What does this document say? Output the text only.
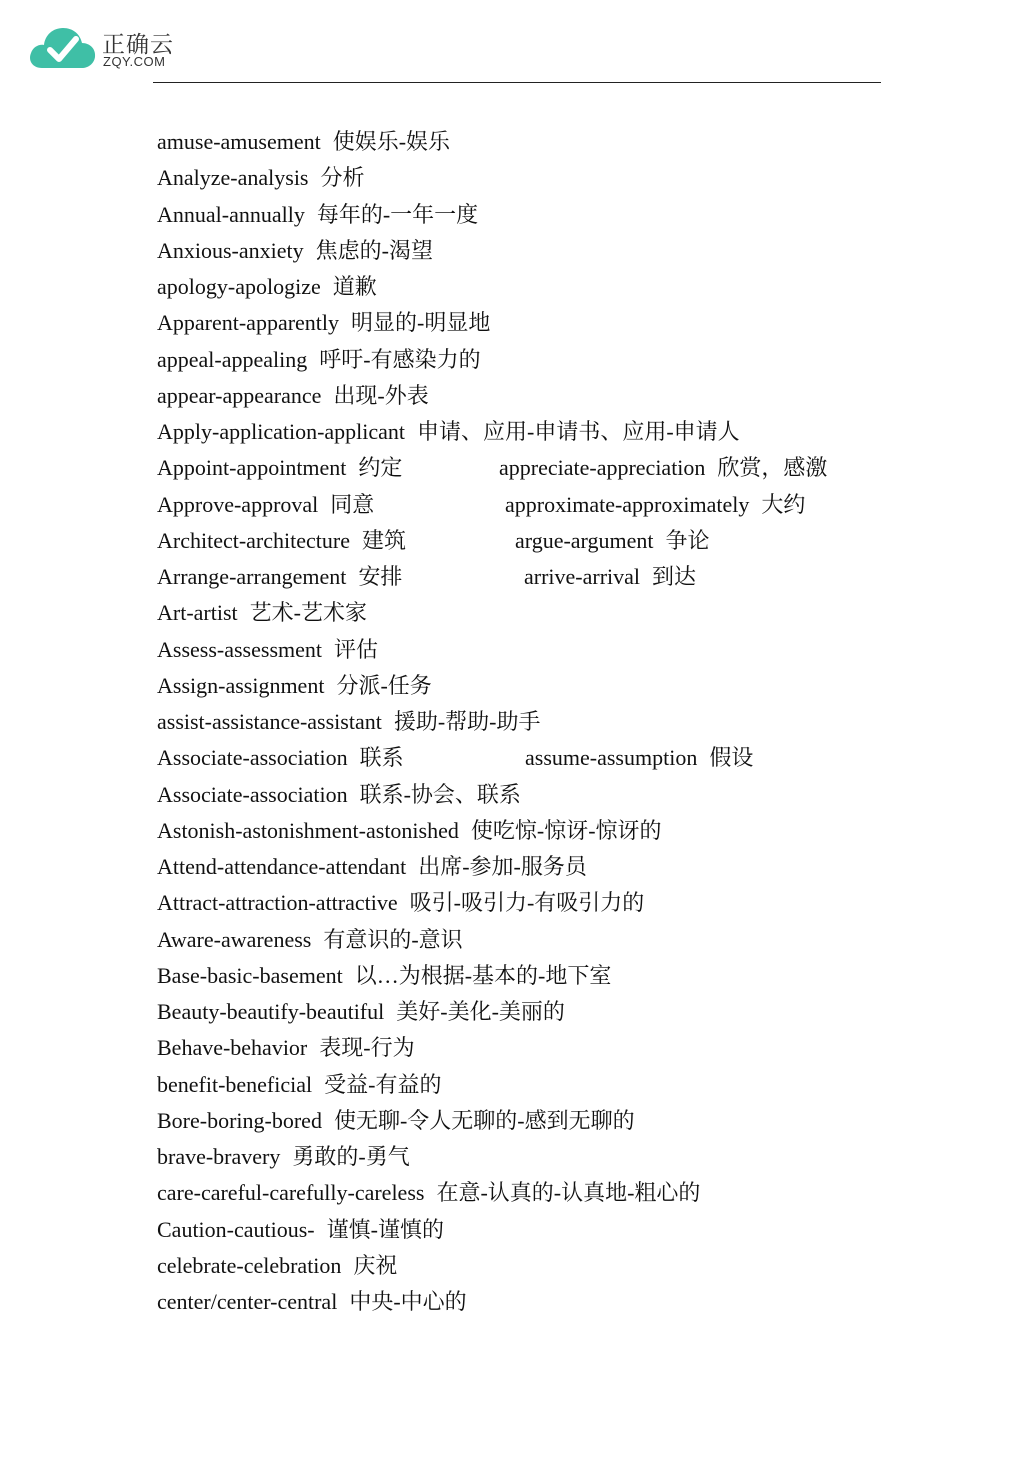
正确云
ZQY.COM
amuse-amusement 使娱乐-娱乐
Analyze-analysis 分析
Annual-annually 每年的-一年一度
Anxious-anxiety焦虑的-渴望
apology-apologize 道歉
Apparent-apparently 明显的-明显地
appeal-appealing 呼吁-有感染力的
appear-appearance 出现-外表
Apply-application-applicant 申请、应用-申请书、应用-申请人
Appoint-appointment约定	appreciate-appreciation 欣赏，感激
Approve-approval同意	approximate-approximately 大约
Architect-architecture 建筑	argue-argument 争论
Arrange-arrangement 安排	arrive-arrival 到达
Art-artist 艺术-艺术家
Assess-assessment 评估
Assign-assignment 分派-任务
assist-assistance-assistant 援助-帮助-助手
Associate-association 联系	assume-assumption 假设
Associate-association 联系-协会、联系
Astonish-astonishment-astonished 使吃惊-惊讶-惊讶的
Attend-attendance-attendant 出席-参加-服务员
Attract-attraction-attractive 吸引-吸引力-有吸引力的
Aware-awareness 有意识的-意识
Base-basic-basement 以…为根据-基本的-地下室
Beauty-beautify-beautiful 美好-美化-美丽的
Behave-behavior 表现-行为
benefit-beneficial 受益-有益的
Bore-boring-bored 使无聊-令人无聊的-感到无聊的
brave-bravery 勇敢的-勇气
care-careful-carefully-careless 在意-认真的-认真地-粗心的
Caution-cautious- 谨慎-谨慎的
celebrate-celebration 庆祝
center/center-central 中央-中心的
